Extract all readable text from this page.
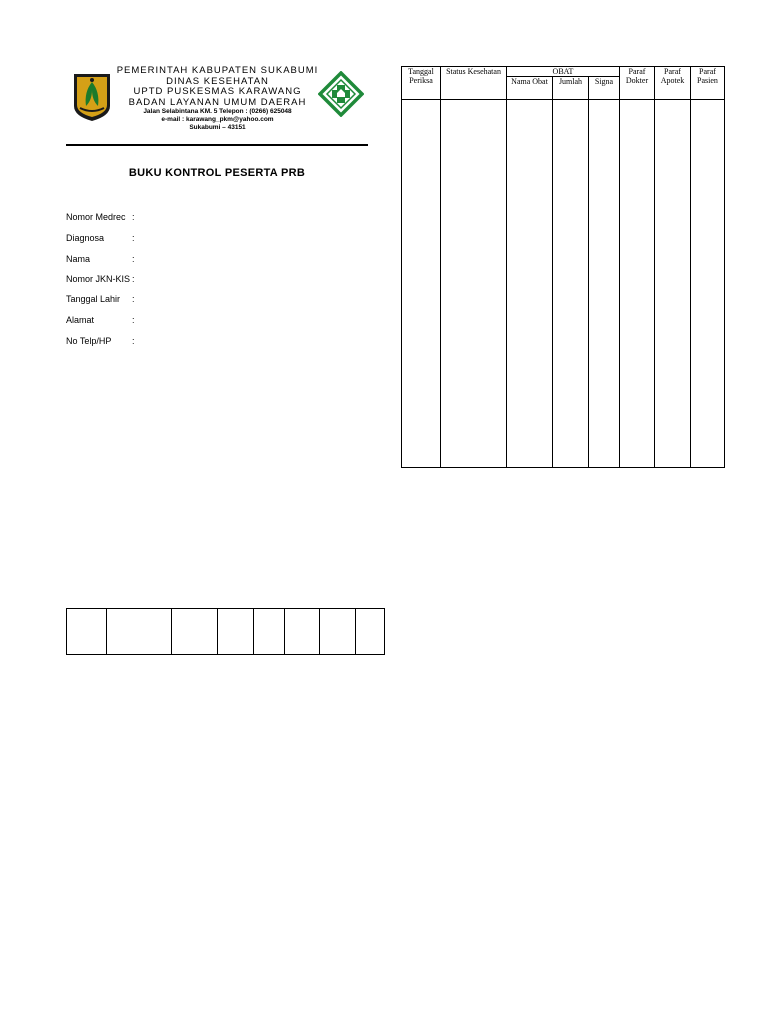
PEMERINTAH KABUPATEN SUKABUMI
DINAS KESEHATAN
UPTD PUSKESMAS KARAWANG
BADAN LAYANAN UMUM DAERAH
Jalan Selabintana KM. 5 Telepon : (0266) 625048
e-mail : karawang_pkm@yahoo.com
Sukabumi – 43151
BUKU KONTROL PESERTA PRB
Nomor Medrec :
Diagnosa	:
Nama	:
Nomor JKN-KIS :
Tanggal Lahir :
Alamat	:
No Telp/HP :
Tanggal Periksa	Status Kesehatan	OBAT			Paraf Dokter	Paraf Apotek	Paraf Pasien
		Nama Obat	Jumlah	Signa			
